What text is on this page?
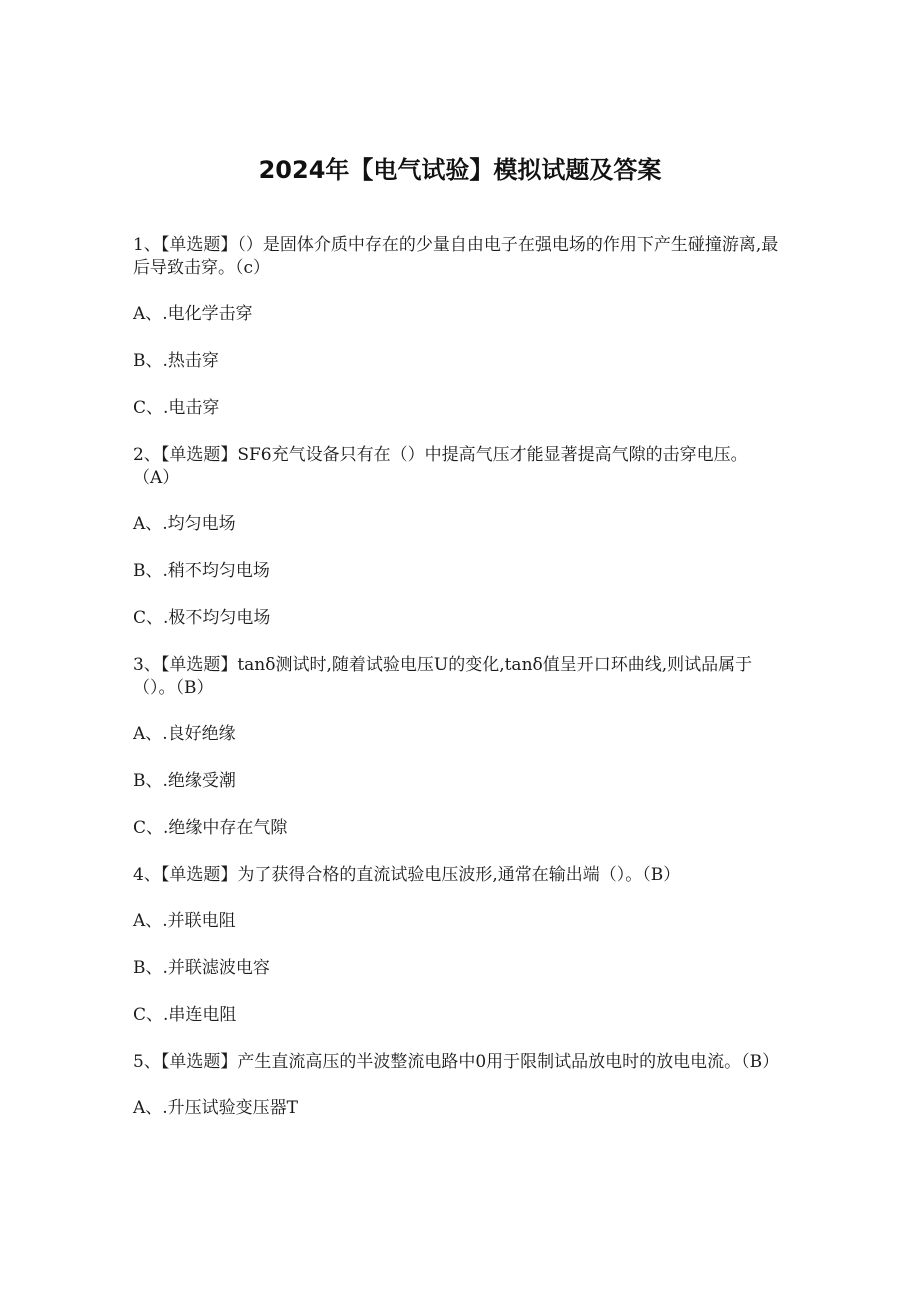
2024年【电气试验】模拟试题及答案

1、【单选题】（）是固体介质中存在的少量自由电子在强电场的作用下产生碰撞游离,最后导致击穿。（c）

A、.电化学击穿

B、.热击穿

C、.电击穿

2、【单选题】SF6充气设备只有在（）中提高气压才能显著提高气隙的击穿电压。
（A）

A、.均匀电场

B、.稍不均匀电场

C、.极不均匀电场

3、【单选题】tanδ测试时,随着试验电压U的变化,tanδ值呈开口环曲线,则试品属于（）。（B）

A、.良好绝缘

B、.绝缘受潮

C、.绝缘中存在气隙

4、【单选题】为了获得合格的直流试验电压波形,通常在输出端（）。（B）

A、.并联电阻

B、.并联滤波电容

C、.串连电阻

5、【单选题】产生直流高压的半波整流电路中0用于限制试品放电时的放电电流。（B）

A、.升压试验变压器T
